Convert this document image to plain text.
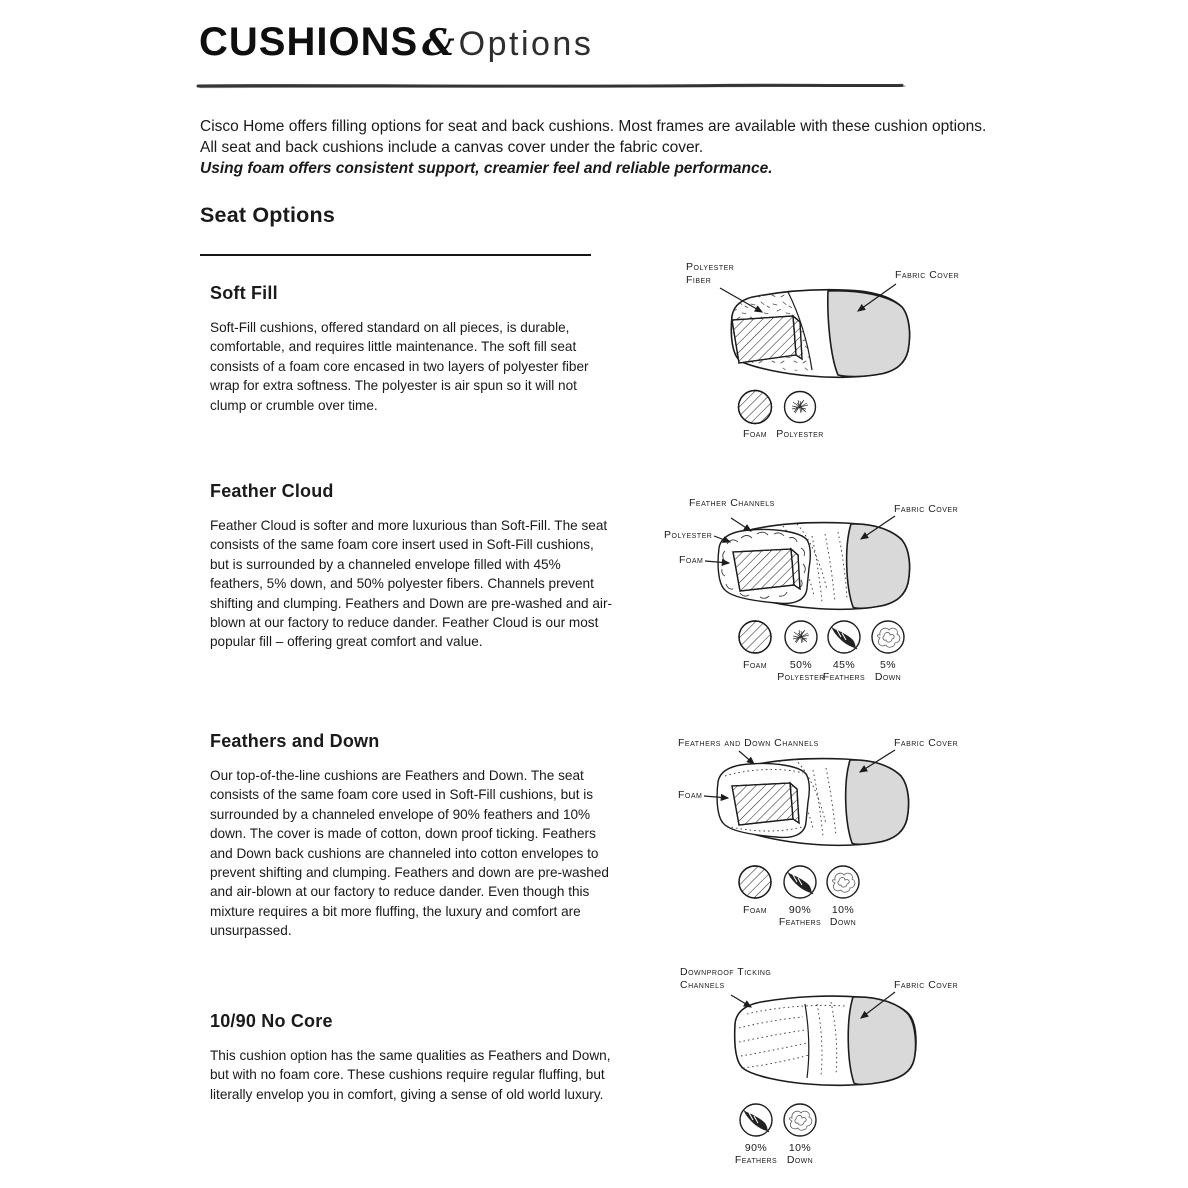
CUSHIONS & Options

Cisco Home offers filling options for seat and back cushions. Most frames are available with these cushion options. All seat and back cushions include a canvas cover under the fabric cover.

Using foam offers consistent support, creamier feel and reliable performance.

Seat Options
Soft Fill
Soft-Fill cushions, offered standard on all pieces, is durable, comfortable, and requires little maintenance. The soft fill seat consists of a foam core encased in two layers of polyester fiber wrap for extra softness. The polyester is air spun so it will not clump or crumble over time.
Feather Cloud
Feather Cloud is softer and more luxurious than Soft-Fill. The seat consists of the same foam core insert used in Soft-Fill cushions, but is surrounded by a channeled envelope filled with 45% feathers, 5% down, and 50% polyester fibers. Channels prevent shifting and clumping. Feathers and Down are pre-washed and air-blown at our factory to reduce dander. Feather Cloud is our most popular fill – offering great comfort and value.
Feathers and Down
Our top-of-the-line cushions are Feathers and Down. The seat consists of the same foam core used in Soft-Fill cushions, but is surrounded by a channeled envelope of 90% feathers and 10% down. The cover is made of cotton, down proof ticking. Feathers and Down back cushions are channeled into cotton envelopes to prevent shifting and clumping. Feathers and down are pre-washed and air-blown at our factory to reduce dander. Even though this mixture requires a bit more fluffing, the luxury and comfort are unsurpassed.
10/90 No Core
This cushion option has the same qualities as Feathers and Down, but with no foam core. These cushions require regular fluffing, but literally envelop you in comfort, giving a sense of old world luxury.
Polyester Fiber	Fabric Cover
Foam Polyester
Feather Channels
Polyester
Foam
Fabric Cover
Foam	50%
Polyester
45%
Feathers
5%
Down
Feathers and Down Channels	Fabric Cover
Foam
Foam	90%
Feathers
10%
Down
Downproof Ticking Channels	Fabric Cover
90%
Feathers
10%
Down
